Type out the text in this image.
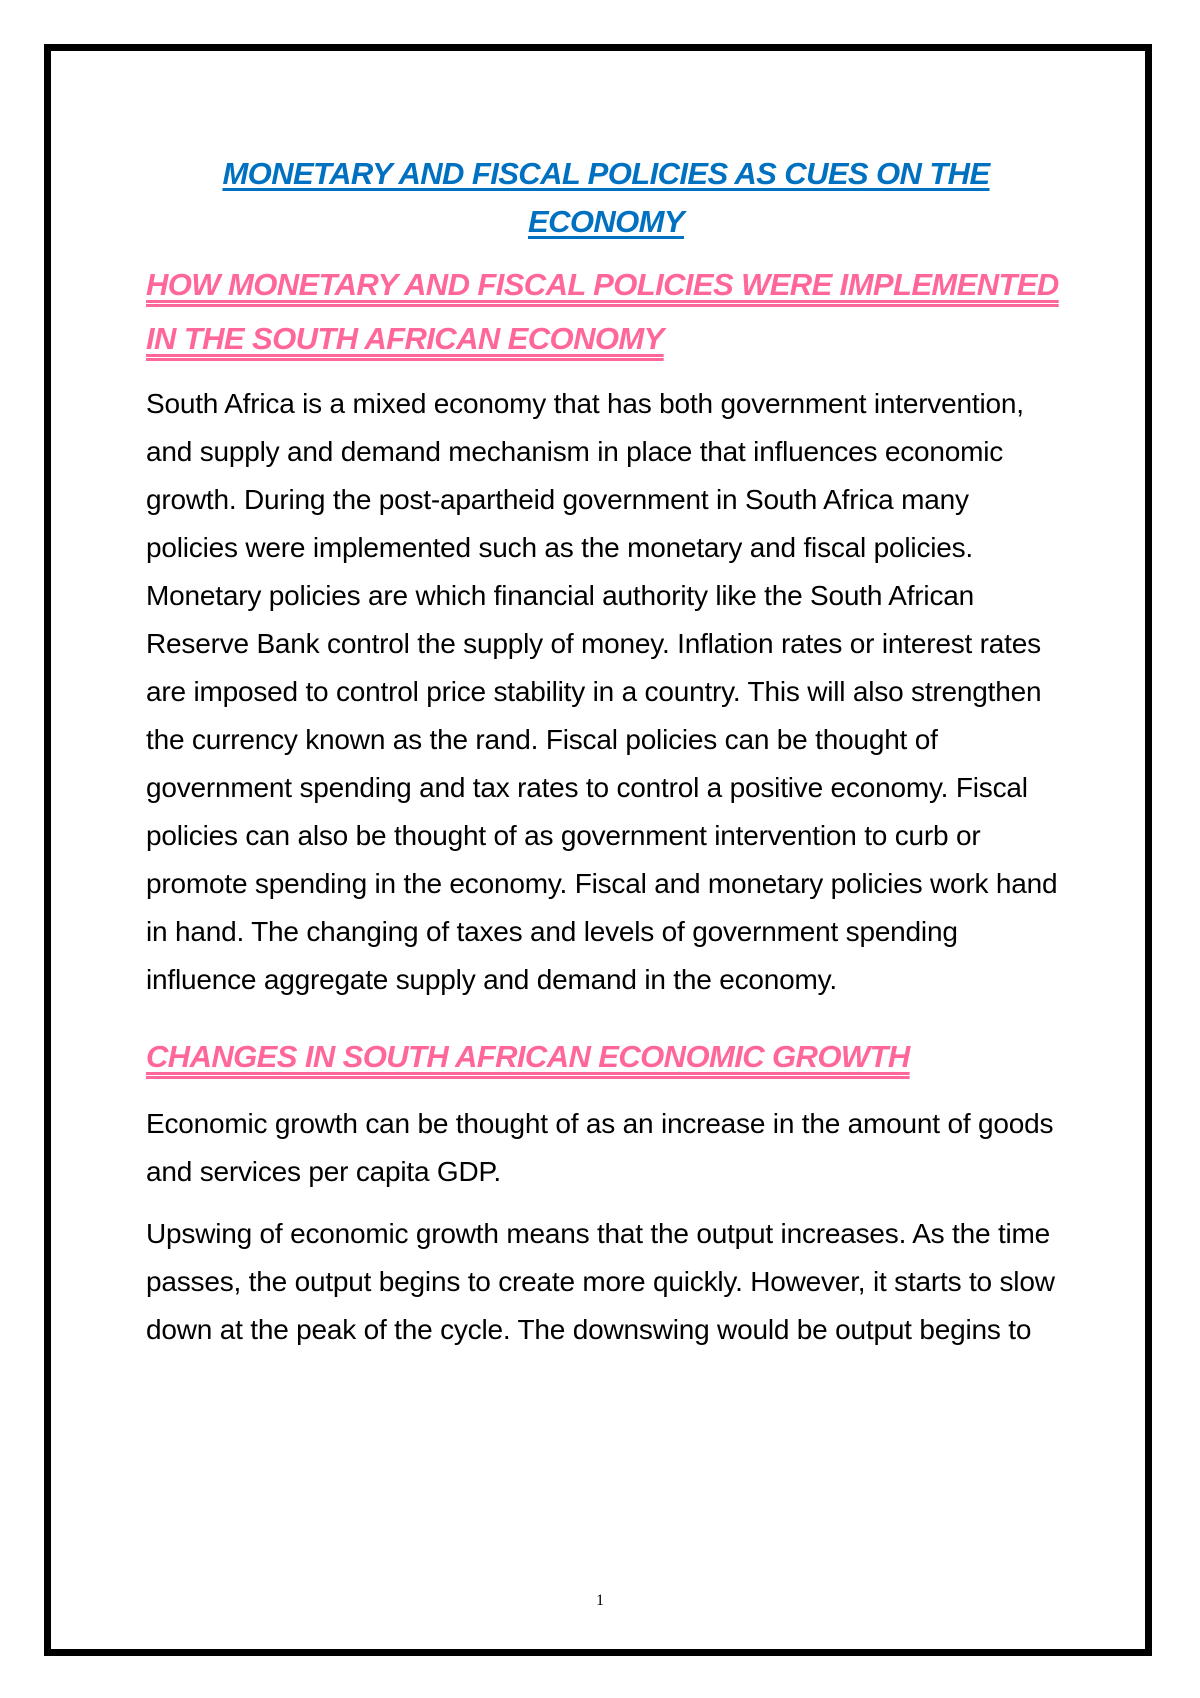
MONETARY AND FISCAL POLICIES AS CUES ON THE ECONOMY
HOW MONETARY AND FISCAL POLICIES WERE IMPLEMENTED IN THE SOUTH AFRICAN ECONOMY

South Africa is a mixed economy that has both government intervention, and supply and demand mechanism in place that influences economic growth. During the post-apartheid government in South Africa many policies were implemented such as the monetary and fiscal policies. Monetary policies are which financial authority like the South African Reserve Bank control the supply of money. Inflation rates or interest rates are imposed to control price stability in a country. This will also strengthen the currency known as the rand. Fiscal policies can be thought of government spending and tax rates to control a positive economy. Fiscal policies can also be thought of as government intervention to curb or promote spending in the economy. Fiscal and monetary policies work hand in hand. The changing of taxes and levels of government spending influence aggregate supply and demand in the economy.

CHANGES IN SOUTH AFRICAN ECONOMIC GROWTH

Economic growth can be thought of as an increase in the amount of goods and services per capita GDP.

Upswing of economic growth means that the output increases. As the time passes, the output begins to create more quickly. However, it starts to slow down at the peak of the cycle. The downswing would be output begins to

1
